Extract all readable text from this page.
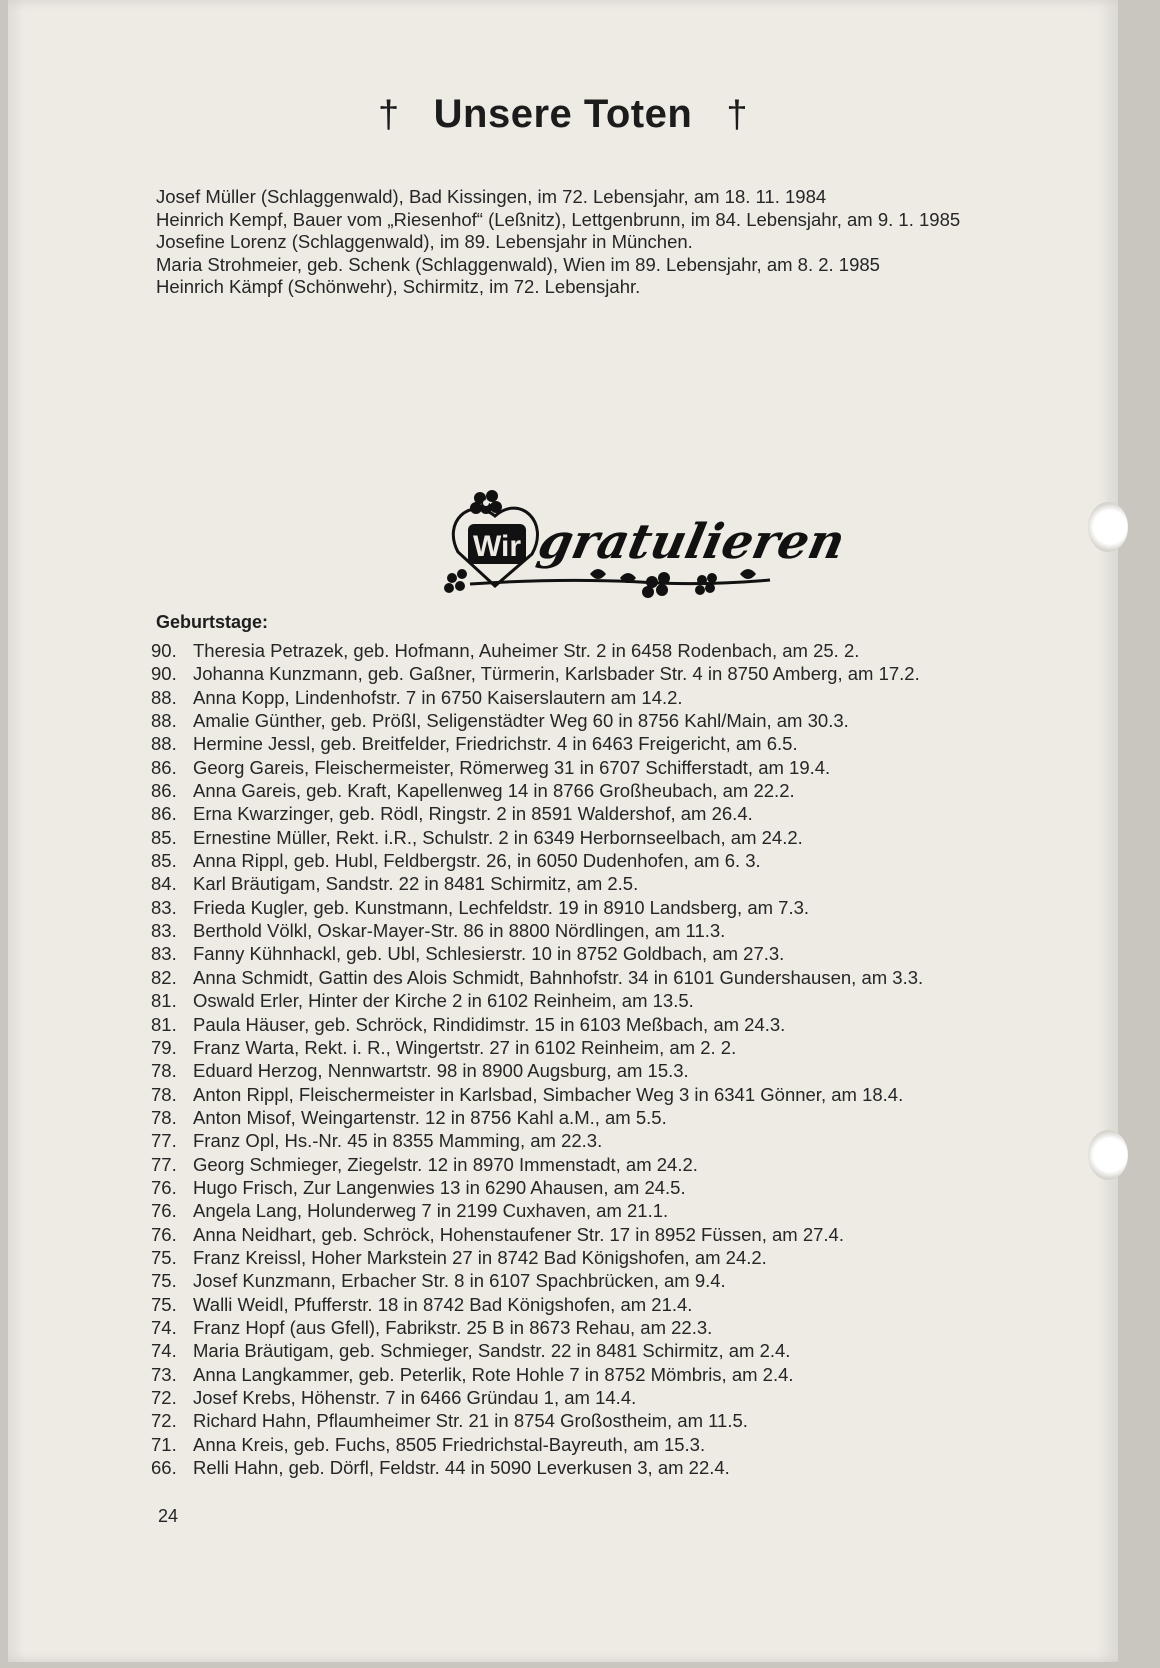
† Unsere Toten †
Josef Müller (Schlaggenwald), Bad Kissingen, im 72. Lebensjahr, am 18. 11. 1984
Heinrich Kempf, Bauer vom „Riesenhof“ (Leßnitz), Lettgenbrunn, im 84. Lebensjahr, am 9. 1. 1985
Josefine Lorenz (Schlaggenwald), im 89. Lebensjahr in München.
Maria Strohmeier, geb. Schenk (Schlaggenwald), Wien im 89. Lebensjahr, am 8. 2. 1985
Heinrich Kämpf (Schönwehr), Schirmitz, im 72. Lebensjahr.
Wir gratulieren
Geburtstage:
90. Theresia Petrazek, geb. Hofmann, Auheimer Str. 2 in 6458 Rodenbach, am 25. 2.
90. Johanna Kunzmann, geb. Gaßner, Türmerin, Karlsbader Str. 4 in 8750 Amberg, am 17.2.
88. Anna Kopp, Lindenhofstr. 7 in 6750 Kaiserslautern am 14.2.
88. Amalie Günther, geb. Prößl, Seligenstädter Weg 60 in 8756 Kahl/Main, am 30.3.
88. Hermine Jessl, geb. Breitfelder, Friedrichstr. 4 in 6463 Freigericht, am 6.5.
86. Georg Gareis, Fleischermeister, Römerweg 31 in 6707 Schifferstadt, am 19.4.
86. Anna Gareis, geb. Kraft, Kapellenweg 14 in 8766 Großheubach, am 22.2.
86. Erna Kwarzinger, geb. Rödl, Ringstr. 2 in 8591 Waldershof, am 26.4.
85. Ernestine Müller, Rekt. i.R., Schulstr. 2 in 6349 Herbornseelbach, am 24.2.
85. Anna Rippl, geb. Hubl, Feldbergstr. 26, in 6050 Dudenhofen, am 6. 3.
84. Karl Bräutigam, Sandstr. 22 in 8481 Schirmitz, am 2.5.
83. Frieda Kugler, geb. Kunstmann, Lechfeldstr. 19 in 8910 Landsberg, am 7.3.
83. Berthold Völkl, Oskar-Mayer-Str. 86 in 8800 Nördlingen, am 11.3.
83. Fanny Kühnhackl, geb. Ubl, Schlesierstr. 10 in 8752 Goldbach, am 27.3.
82. Anna Schmidt, Gattin des Alois Schmidt, Bahnhofstr. 34 in 6101 Gundershausen, am 3.3.
81. Oswald Erler, Hinter der Kirche 2 in 6102 Reinheim, am 13.5.
81. Paula Häuser, geb. Schröck, Rindidimstr. 15 in 6103 Meßbach, am 24.3.
79. Franz Warta, Rekt. i. R., Wingertstr. 27 in 6102 Reinheim, am 2. 2.
78. Eduard Herzog, Nennwartstr. 98 in 8900 Augsburg, am 15.3.
78. Anton Rippl, Fleischermeister in Karlsbad, Simbacher Weg 3 in 6341 Gönner, am 18.4.
78. Anton Misof, Weingartenstr. 12 in 8756 Kahl a.M., am 5.5.
77. Franz Opl, Hs.-Nr. 45 in 8355 Mamming, am 22.3.
77. Georg Schmieger, Ziegelstr. 12 in 8970 Immenstadt, am 24.2.
76. Hugo Frisch, Zur Langenwies 13 in 6290 Ahausen, am 24.5.
76. Angela Lang, Holunderweg 7 in 2199 Cuxhaven, am 21.1.
76. Anna Neidhart, geb. Schröck, Hohenstaufener Str. 17 in 8952 Füssen, am 27.4.
75. Franz Kreissl, Hoher Markstein 27 in 8742 Bad Königshofen, am 24.2.
75. Josef Kunzmann, Erbacher Str. 8 in 6107 Spachbrücken, am 9.4.
75. Walli Weidl, Pfufferstr. 18 in 8742 Bad Königshofen, am 21.4.
74. Franz Hopf (aus Gfell), Fabrikstr. 25 B in 8673 Rehau, am 22.3.
74. Maria Bräutigam, geb. Schmieger, Sandstr. 22 in 8481 Schirmitz, am 2.4.
73. Anna Langkammer, geb. Peterlik, Rote Hohle 7 in 8752 Mömbris, am 2.4.
72. Josef Krebs, Höhenstr. 7 in 6466 Gründau 1, am 14.4.
72. Richard Hahn, Pflaumheimer Str. 21 in 8754 Großostheim, am 11.5.
71. Anna Kreis, geb. Fuchs, 8505 Friedrichstal-Bayreuth, am 15.3.
66. Relli Hahn, geb. Dörfl, Feldstr. 44 in 5090 Leverkusen 3, am 22.4.
24
